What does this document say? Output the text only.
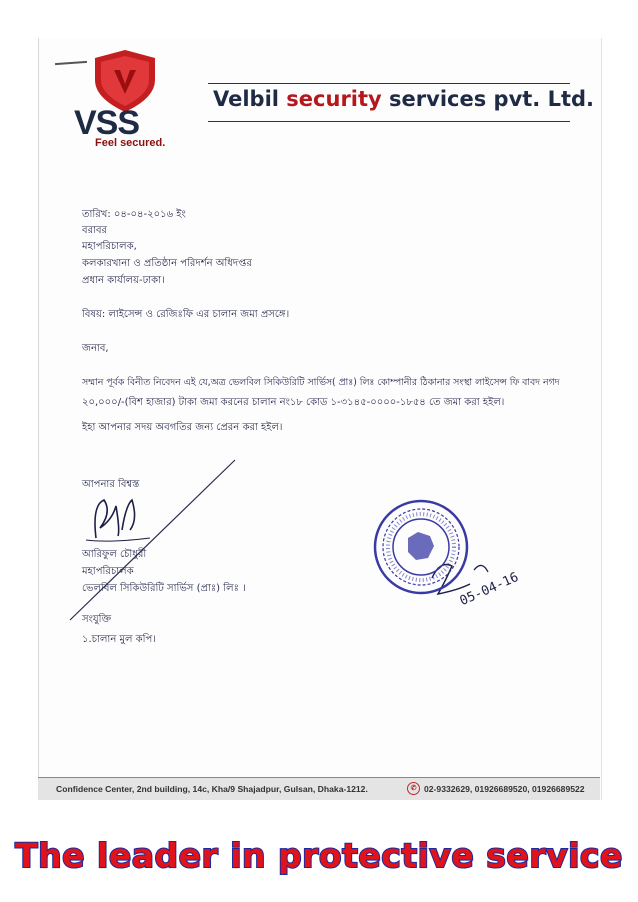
VSS
Feel secured.
Velbil security services pvt. Ltd.
তারিখ: ০৪-০৪-২০১৬ ইং
বরাবর
মহাপরিচালক,
কলকারখানা ও প্রতিষ্ঠান পরিদর্শন অধিদপ্তর
প্রধান কার্যালয়-ঢাকা।
বিষয়: লাইসেন্স ও রেজিঃফি এর চালান জমা প্রসঙ্গে।
জনাব,
সম্মান পূর্বক বিনীত নিবেদন এই যে,অত্র ভেলবিল সিকিউরিটি সার্ভিস( প্রাঃ) লিঃ কোম্পানীর ঠিকানার সংস্থা লাইসেন্স ফি বাবদ নগদ
২০,০০০/-(বিশ হাজার) টাকা জমা করনের চালান নং১৮ কোড ১-৩১৪৫-০০০০-১৮৫৪ তে জমা করা হইল।
ইহা আপনার সদয় অবগতির জন্য প্রেরন করা হইল।
আপনার বিশ্বস্ত
আরিফুল চৌধুরী
মহাপরিচালক
ভেলবিল সিকিউরিটি সার্ভিস (প্রাঃ) লিঃ ।
সংযুক্তি
১.চালান মুল কপি।
05-04-16
Confidence Center, 2nd building, 14c, Kha/9 Shajadpur, Gulsan, Dhaka-1212.	✆ 02-9332629, 01926689520, 01926689522
The leader in protective service
